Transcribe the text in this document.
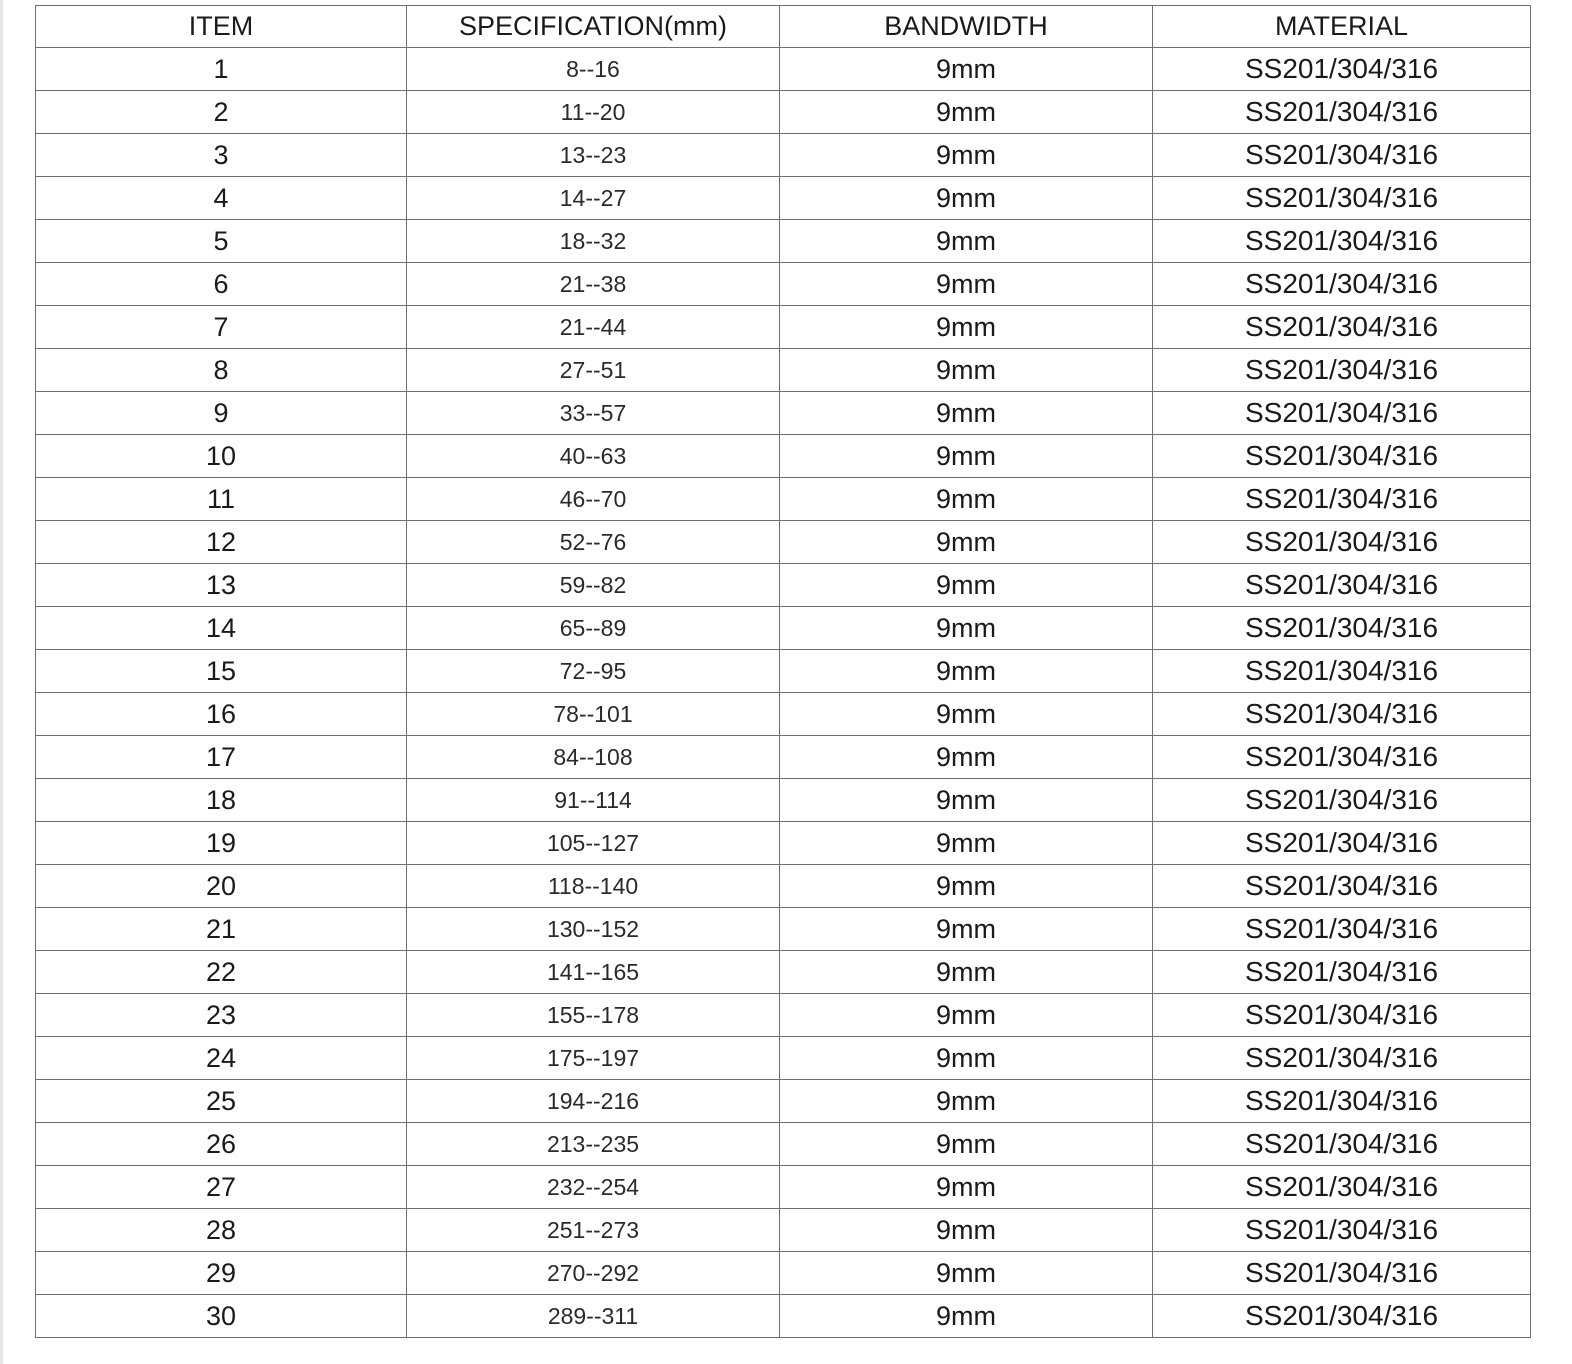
ITEM	SPECIFICATION(mm)	BANDWIDTH	MATERIAL
1	8--16	9mm	SS201/304/316
2	11--20	9mm	SS201/304/316
3	13--23	9mm	SS201/304/316
4	14--27	9mm	SS201/304/316
5	18--32	9mm	SS201/304/316
6	21--38	9mm	SS201/304/316
7	21--44	9mm	SS201/304/316
8	27--51	9mm	SS201/304/316
9	33--57	9mm	SS201/304/316
10	40--63	9mm	SS201/304/316
11	46--70	9mm	SS201/304/316
12	52--76	9mm	SS201/304/316
13	59--82	9mm	SS201/304/316
14	65--89	9mm	SS201/304/316
15	72--95	9mm	SS201/304/316
16	78--101	9mm	SS201/304/316
17	84--108	9mm	SS201/304/316
18	91--114	9mm	SS201/304/316
19	105--127	9mm	SS201/304/316
20	118--140	9mm	SS201/304/316
21	130--152	9mm	SS201/304/316
22	141--165	9mm	SS201/304/316
23	155--178	9mm	SS201/304/316
24	175--197	9mm	SS201/304/316
25	194--216	9mm	SS201/304/316
26	213--235	9mm	SS201/304/316
27	232--254	9mm	SS201/304/316
28	251--273	9mm	SS201/304/316
29	270--292	9mm	SS201/304/316
30	289--311	9mm	SS201/304/316
